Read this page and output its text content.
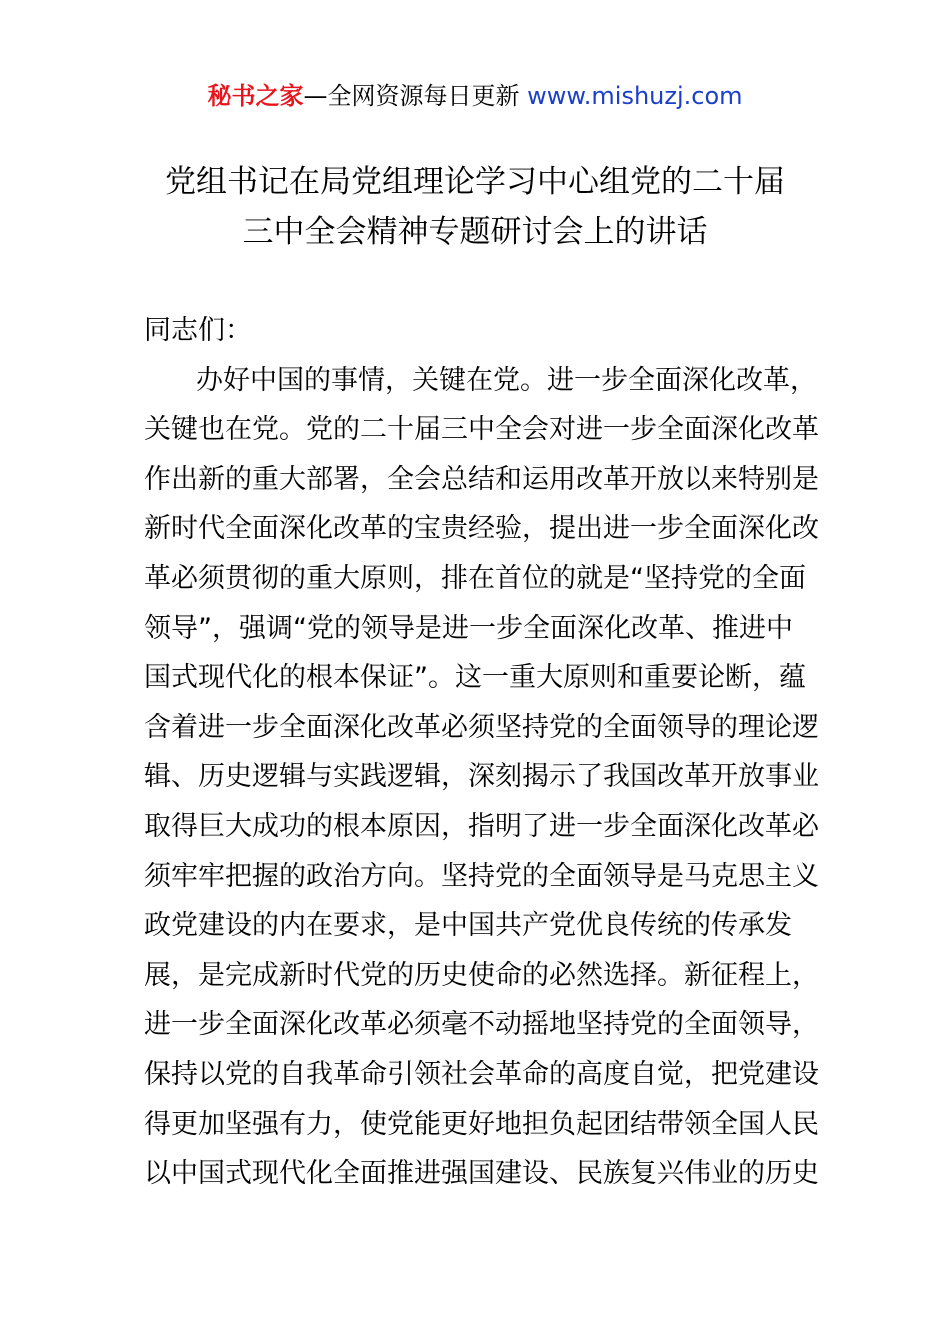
秘书之家—全网资源每日更新 www.mishuzj.com
党组书记在局党组理论学习中心组党的二十届
三中全会精神专题研讨会上的讲话
同志们：
办好中国的事情，关键在党。进一步全面深化改革，
关键也在党。党的二十届三中全会对进一步全面深化改革
作出新的重大部署，全会总结和运用改革开放以来特别是
新时代全面深化改革的宝贵经验，提出进一步全面深化改
革必须贯彻的重大原则，排在首位的就是“坚持党的全面
领导”，强调“党的领导是进一步全面深化改革、推进中
国式现代化的根本保证”。这一重大原则和重要论断，蕴
含着进一步全面深化改革必须坚持党的全面领导的理论逻
辑、历史逻辑与实践逻辑，深刻揭示了我国改革开放事业
取得巨大成功的根本原因，指明了进一步全面深化改革必
须牢牢把握的政治方向。坚持党的全面领导是马克思主义
政党建设的内在要求，是中国共产党优良传统的传承发
展，是完成新时代党的历史使命的必然选择。新征程上，
进一步全面深化改革必须毫不动摇地坚持党的全面领导，
保持以党的自我革命引领社会革命的高度自觉，把党建设
得更加坚强有力，使党能更好地担负起团结带领全国人民
以中国式现代化全面推进强国建设、民族复兴伟业的历史
